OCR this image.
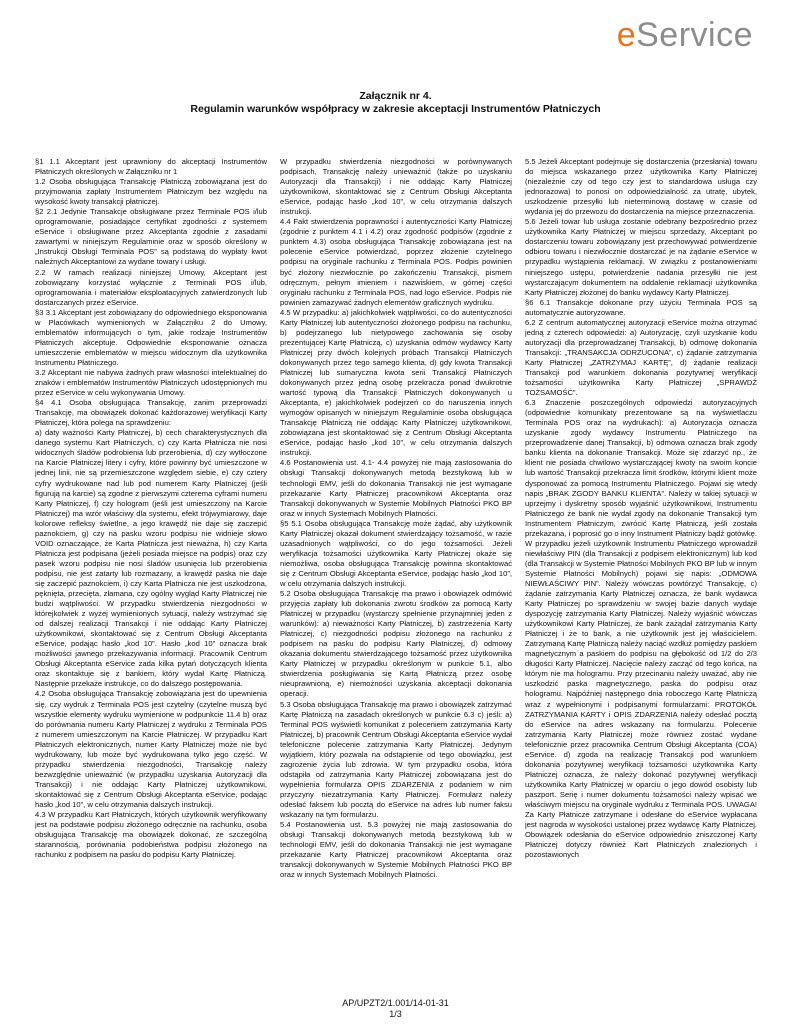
eService
Załącznik nr 4.
Regulamin warunków współpracy w zakresie akceptacji Instrumentów Płatniczych

§1 1.1 Akceptant jest uprawniony do akceptacji Instrumentów Płatniczych określonych w Załączniku nr 1

1.2 Osoba obsługująca Transakcję Płatniczą zobowiązana jest do przyjmowania zapłaty Instrumentem Płatniczym bez względu na wysokość kwoty transakcji płatniczej.

§2 2.1 Jedynie Transakcje obsługiwane przez Terminale POS i/lub oprogramowanie, posiadające certyfikat zgodności z systemem eService i obsługiwane przez Akceptanta zgodnie z zasadami zawartymi w niniejszym Regulaminie oraz w sposób określony w „Instrukcji Obsługi Terminala POS” są podstawą do wypłaty kwot należnych Akceptantowi za wydane towary i usługi.

2.2 W ramach realizacji niniejszej Umowy, Akceptant jest zobowiązany korzystać wyłącznie z Terminali POS i/lub, oprogramowania i materiałów eksploatacyjnych zatwierdzonych lub dostarczanych przez eService.

§3 3.1 Akceptant jest zobowiązany do odpowiedniego eksponowania w Placówkach wymienionych w Załączniku 2 do Umowy, emblematów informujących o tym, jakie rodzaje Instrumentów Płatniczych akceptuje. Odpowiednie eksponowanie oznacza umieszczenie emblematów w miejscu widocznym dla użytkownika Instrumentu Płatniczego.

3.2 Akceptant nie nabywa żadnych praw własności intelektualnej do znaków i emblematów Instrumentów Płatniczych udostępnionych mu przez eService w celu wykonywania Umowy.

§4 4.1 Osoba obsługująca Transakcję, zanim przeprowadzi Transakcję, ma obowiązek dokonać każdorazowej weryfikacji Karty Płatniczej, która polega na sprawdzeniu:

a) daty ważności Karty Płatniczej, b) cech charakterystycznych dla danego systemu Kart Płatniczych, c) czy Karta Płatnicza nie nosi widocznych śladów podrobienia lub przerobienia, d) czy wytłoczone na Karcie Płatniczej litery i cyfry, które powinny być umieszczone w jednej linii, nie są przemieszczone względem siebie, e) czy cztery cyfry wydrukowane nad lub pod numerem Karty Płatniczej (jeśli figurują na karcie) są zgodne z pierwszymi czterema cyframi numeru Karty Płatniczej, f) czy hologram (jeśli jest umieszczony na Karcie Płatniczej) ma wzór właściwy dla systemu, efekt trójwymiarowy, daje kolorowe refleksy świetlne, a jego krawędź nie daje się zaczepić paznokciem, g) czy na pasku wzoru podpisu nie widnieje słowo VOID oznaczające, że Karta Płatnicza jest nieważna, h) czy Karta Płatnicza jest podpisana (jeżeli posiada miejsce na podpis) oraz czy pasek wzoru podpisu nie nosi śladów usunięcia lub przerobienia podpisu, nie jest zatarty lub rozmazany, a krawędź paska nie daje się zaczepić paznokciem, i) czy Karta Płatnicza nie jest uszkodzona, pęknięta, przecięta, złamana, czy ogólny wygląd Karty Płatniczej nie budzi wątpliwości. W przypadku stwierdzenia niezgodności w którejkolwiek z wyżej wymienionych sytuacji, należy wstrzymać się od dalszej realizacji Transakcji i nie oddając Karty Płatniczej użytkownikowi, skontaktować się z Centrum Obsługi Akceptanta eService, podając hasło „kod 10”. Hasło „kod 10” oznacza brak możliwości jawnego przekazywania informacji. Pracownik Centrum Obsługi Akceptanta eService zada kilka pytań dotyczących klienta oraz skontaktuje się z bankiem, który wydał Kartę Płatniczą. Następnie przekaże instrukcje, co do dalszego postępowania.

4.2 Osoba obsługująca Transakcję zobowiązana jest do upewnienia się, czy wydruk z Terminala POS jest czytelny (czytelne muszą być wszystkie elementy wydruku wymienione w podpunkcie 11.4 b) oraz do porównania numeru Karty Płatniczej z wydruku z Terminala POS z numerem umieszczonym na Karcie Płatniczej. W przypadku Kart Płatniczych elektronicznych, numer Karty Płatniczej może nie być wydrukowany, lub może być wydrukowana tylko jego część. W przypadku stwierdzenia niezgodności, Transakcję należy bezwzględnie unieważnić (w przypadku uzyskania Autoryzacji dla Transakcji) i nie oddając Karty Płatniczej użytkownikowi, skontaktować się z Centrum Obsługi Akceptanta eService, podając hasło „kod 10”, w celu otrzymania dalszych instrukcji.

4.3 W przypadku Kart Płatniczych, których użytkownik weryfikowany jest na podstawie podpisu złożonego odręcznie na rachunku, osoba obsługująca Transakcję ma obowiązek dokonać, ze szczególną starannością, porównania podobieństwa podpisu złożonego na rachunku z podpisem na pasku do podpisu Karty Płatniczej.

W przypadku stwierdzenia niezgodności w porównywanych podpisach, Transakcję należy unieważnić (także po uzyskaniu Autoryzacji dla Transakcji) i nie oddając Karty Płatniczej użytkownikowi, skontaktować się z Centrum Obsługi Akceptanta eService, podając hasło „kod 10”, w celu otrzymania dalszych instrukcji.

4.4 Fakt stwierdzenia poprawności i autentyczności Karty Płatniczej (zgodnie z punktem 4.1 i 4.2) oraz zgodność podpisów (zgodnie z punktem 4.3) osoba obsługująca Transakcję zobowiązana jest na polecenie eService potwierdzać, poprzez złożenie czytelnego podpisu na oryginale rachunku z Terminala POS. Podpis powinien być złożony niezwłocznie po zakończeniu Transakcji, pismem odręcznym, pełnym imieniem i nazwiskiem, w górnej części oryginału rachunku z Terminala POS, nad logo eService. Podpis nie powinien zamazywać żadnych elementów graficznych wydruku.

4.5 W przypadku: a) jakichkolwiek wątpliwości, co do autentyczności Karty Płatniczej lub autentyczności złożonego podpisu na rachunku, b) podejrzanego lub nietypowego zachowania się osoby prezentującej Kartę Płatniczą, c) uzyskania odmów wydawcy Karty Płatniczej przy dwóch kolejnych próbach Transakcji Płatniczych dokonywanych przez tego samego klienta, d) gdy kwota Transakcji Płatniczej lub sumaryczna kwota serii Transakcji Płatniczych dokonywanych przez jedną osobę przekracza ponad dwukrotnie wartość typową dla Transakcji Płatniczych dokonywanych u Akceptanta, e) jakichkolwiek podejrzeń co do naruszenia innych wymogów opisanych w niniejszym Regulaminie osoba obsługująca Transakcję Płatniczą nie oddając Karty Płatniczej użytkownikowi, zobowiązana jest skontaktować się z Centrum Obsługi Akceptanta eService, podając hasło „kod 10”, w celu otrzymania dalszych instrukcji.

4.6 Postanowienia ust. 4.1- 4.4 powyżej nie mają zastosowania do obsługi Transakcji dokonywanych metodą bezstykową lub w technologii EMV, jeśli do dokonania Transakcji nie jest wymagane przekazanie Karty Płatniczej pracownikowi Akceptanta oraz Transakcji dokonywanych w Systemie Mobilnych Płatności PKO BP oraz w innych Systemach Mobilnych Płatności.

§5 5.1 Osoba obsługująca Transakcję może żądać, aby użytkownik Karty Płatniczej okazał dokument stwierdzający tożsamość, w razie uzasadnionych wątpliwości, co do jego tożsamości. Jeżeli weryfikacja tożsamości użytkownika Karty Płatniczej okaże się niemożliwa, osoba obsługująca Transakcję powinna skontaktować się z Centrum Obsługi Akceptanta eService, podając hasło „kod 10”, w celu otrzymania dalszych instrukcji.

5.2 Osoba obsługująca Transakcję ma prawo i obowiązek odmówić przyjęcia zapłaty lub dokonania zwrotu środków za pomocą Karty Płatniczej w przypadku (wystarczy spełnienie przynajmniej jeden z warunków): a) nieważności Karty Płatniczej, b) zastrzeżenia Karty Płatniczej, c) niezgodności podpisu złożonego na rachunku z podpisem na pasku do podpisu Karty Płatniczej, d) odmowy okazania dokumentu stwierdzającego tożsamość przez użytkownika Karty Płatniczej w przypadku określonym w punkcie 5.1, albo stwierdzenia posługiwania się Kartą Płatniczą przez osobę nieuprawnioną, e) niemożności uzyskania akceptacji dokonania operacji.

5.3 Osoba obsługująca Transakcję ma prawo i obowiązek zatrzymać Kartę Płatniczą na zasadach określonych w punkcie 6.3 c) jeśli: a) Terminal POS wyświetli komunikat z poleceniem zatrzymania Karty Płatniczej, b) pracownik Centrum Obsługi Akceptanta eService wydał telefoniczne polecenie zatrzymania Karty Płatniczej. Jedynym wyjątkiem, który pozwala na odstąpienie od tego obowiązku, jest zagrożenie życia lub zdrowia. W tym przypadku osoba, która odstąpiła od zatrzymania Karty Płatniczej zobowiązana jest do wypełnienia formularza OPIS ZDARZENIA z podaniem w nim przyczyny niezatrzymania Karty Płatniczej. Formularz należy odesłać faksem lub pocztą do eService na adres lub numer faksu wskazany na tym formularzu.

5.4 Postanowienia ust. 5.3 powyżej nie mają zastosowania do obsługi Transakcji dokonywanych metodą bezstykową lub w technologii EMV, jeśli do dokonania Transakcji nie jest wymagane przekazanie Karty Płatniczej pracownikowi Akceptanta oraz transakcji dokonywanych w Systemie Mobilnych Płatności PKO BP oraz w innych Systemach Mobilnych Płatności.

5.5 Jeżeli Akceptant podejmuje się dostarczenia (przesłania) towaru do miejsca wskazanego przez użytkownika Karty Płatniczej (niezależnie czy od tego czy jest to standardowa usługa czy jednorazowa) to ponosi on odpowiedzialność za utratę, ubytek, uszkodzenie przesyłki lub nieterminową dostawę w czasie od wydania jej do przewozu do dostarczenia na miejsce przeznaczenia.

5.6 Jeżeli towar lub usługa zostanie odebrany bezpośrednio przez użytkownika Karty Płatniczej w miejscu sprzedaży, Akceptant po dostarczeniu towaru zobowiązany jest przechowywać potwierdzenie odbioru towaru i niezwłocznie dostarczać je na żądanie eService w przypadku wystąpienia reklamacji. W związku z postanowieniami niniejszego ustępu, potwierdzenie nadania przesyłki nie jest wystarczającym dokumentem na oddalenie reklamacji użytkownika Karty Płatniczej złożonej do banku wydawcy Karty Płatniczej.

§6 6.1 Transakcje dokonane przy użyciu Terminala POS są automatycznie autoryzowane.

6.2 Z centrum automatycznej autoryzacji eService można otrzymać jedną z czterech odpowiedzi: a) Autoryzację, czyli uzyskanie kodu autoryzacji dla przeprowadzanej Transakcji, b) odmowę dokonania Transakcji: „TRANSAKCJA ODRZUCONA”, c) żądanie zatrzymania Karty Płatniczej „ZATRZYMAJ KARTĘ”, d) żądanie realizacji Transakcji pod warunkiem dokonania pozytywnej weryfikacji tożsamości użytkownika Karty Płatniczej „SPRAWDŹ TOŻSAMOŚĆ”.

6.3 Znaczenie poszczególnych odpowiedzi autoryzacyjnych (odpowiednie komunikaty prezentowane są na wyświetlaczu Terminala POS oraz na wydrukach): a) Autoryzacja oznacza uzyskanie zgody wydawcy Instrumentu Płatniczego na przeprowadzenie danej Transakcji, b) odmowa oznacza brak zgody banku klienta na dokonanie Transakcji. Może się zdarzyć np., że klient nie posiada chwilowo wystarczającej kwoty na swoim koncie lub wartość Transakcji przekracza limit środków, którymi klient może dysponować za pomocą Instrumentu Płatniczego. Pojawi się wtedy napis „BRAK ZGODY BANKU KLIENTA”. Należy w takiej sytuacji w uprzejmy i dyskretny sposób wyjaśnić użytkownikowi, Instrumentu Płatniczego że bank nie wydał zgody na dokonanie Transakcji tym Instrumentem Płatniczym, zwrócić Kartę Płatniczą, jeśli została przekazana, i poprosić go o inny Instrument Płatniczy bądź gotówkę. W przypadku jeżeli użytkownik Instrumentu Płatniczego wprowadził niewłaściwy PIN (dla Transakcji z podpisem elektronicznym) lub kod (dla Transakcji w Systemie Płatności Mobilnych PKO BP lub w innym Systemie Płatności Mobilnych) pojawi się napis: „ODMOWA NIEWŁAŚCIWY PIN”. Należy wówczas powtórzyć Transakcję, c) żądanie zatrzymania Karty Płatniczej oznacza, że bank wydawca Karty Płatniczej po sprawdzeniu w swojej bazie danych wydaje dyspozycję zatrzymania Karty Płatniczej. Należy wyjaśnić wówczas użytkownikowi Karty Płatniczej, że bank zażądał zatrzymania Karty Płatniczej i że to bank, a nie użytkownik jest jej właścicielem. Zatrzymaną Kartę Płatniczą należy naciąć wzdłuż pomiędzy paskiem magnetycznym a paskiem do podpisu na głębokość od 1/2 do 2/3 długości Karty Płatniczej. Nacięcie należy zacząć od tego końca, na którym nie ma hologramu. Przy przecinaniu należy uważać, aby nie uszkodzić paska magnetycznego, paska do podpisu oraz hologramu. Najpóźniej następnego dnia roboczego Kartę Płatniczą wraz z wypełnionymi i podpisanymi formularzami: PROTOKÓŁ ZATRZYMANIA KARTY i OPIS ZDARZENIA należy odesłać pocztą do eService na adres wskazany na formularzu. Polecenie zatrzymania Karty Płatniczej może również zostać wydane telefonicznie przez pracownika Centrum Obsługi Akceptanta (COA) eService. d) zgoda na realizację Transakcji pod warunkiem dokonania pozytywnej weryfikacji tożsamości użytkownika Karty Płatniczej oznacza, że należy dokonać pozytywnej weryfikacji użytkownika Karty Płatniczej w oparciu o jego dowód osobisty lub paszport. Serię i numer dokumentu tożsamości należy wpisać we właściwym miejscu na oryginale wydruku z Terminala POS. UWAGA! Za Karty Płatnicze zatrzymane i odesłane do eService wypłacana jest nagroda w wysokości ustalonej przez wydawcę Karty Płatniczej. Obowiązek odesłania do eService odpowiednio zniszczonej Karty Płatniczej dotyczy również Kart Płatniczych znalezionych i pozostawionych

AP/UPZT2/1.001/14-01-31
1/3
